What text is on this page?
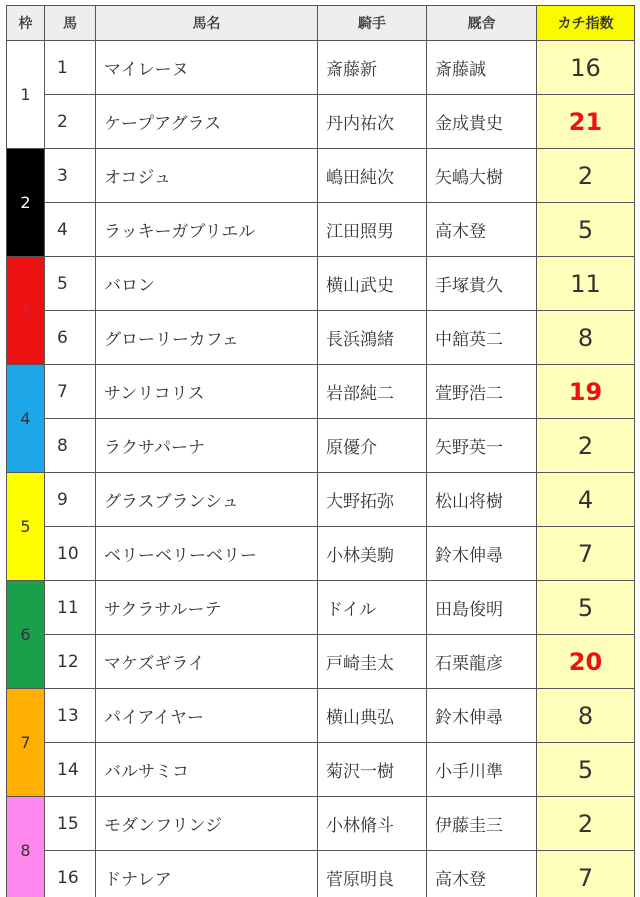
枠	馬	馬名	騎手	厩舎	カチ指数
1	1	マイレーヌ	斎藤新	斎藤誠	16
	2	ケープアグラス	丹内祐次	金成貴史	21
2	3	オコジュ	嶋田純次	矢嶋大樹	2
	4	ラッキーガブリエル	江田照男	高木登	5
3	5	バロン	横山武史	手塚貴久	11
	6	グローリーカフェ	長浜鴻緒	中舘英二	8
4	7	サンリコリス	岩部純二	萱野浩二	19
	8	ラクサパーナ	原優介	矢野英一	2
5	9	グラスブランシュ	大野拓弥	松山将樹	4
	10	ベリーベリーベリー	小林美駒	鈴木伸尋	7
6	11	サクラサルーテ	ドイル	田島俊明	5
	12	マケズギライ	戸崎圭太	石栗龍彦	20
7	13	パイアイヤー	横山典弘	鈴木伸尋	8
	14	バルサミコ	菊沢一樹	小手川準	5
8	15	モダンフリンジ	小林脩斗	伊藤圭三	2
	16	ドナレア	菅原明良	高木登	7
